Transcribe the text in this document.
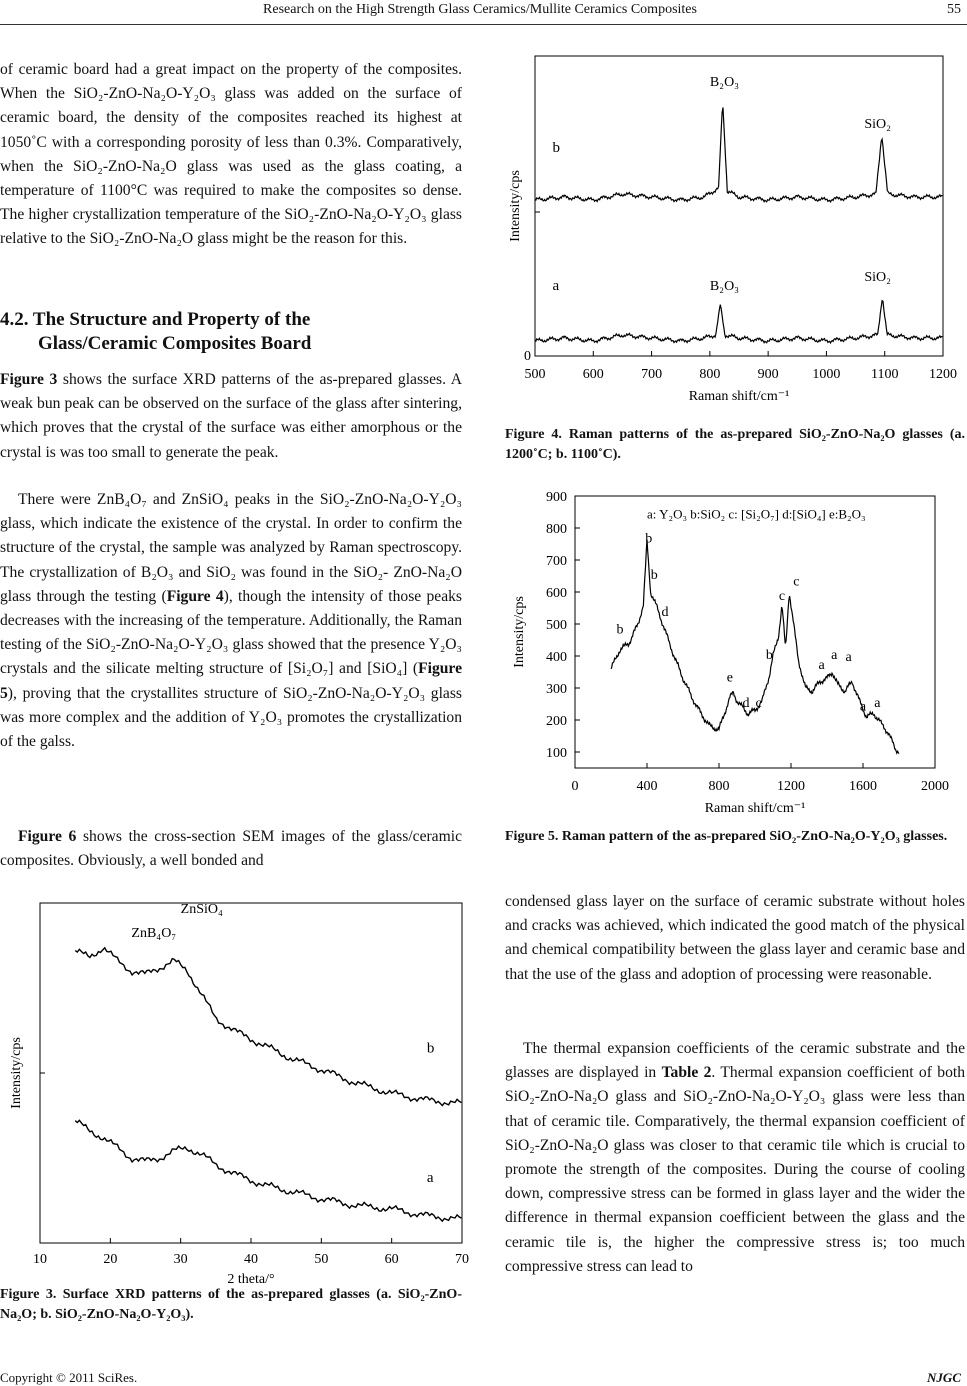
Research on the High Strength Glass Ceramics/Mullite Ceramics Composites	55

of ceramic board had a great impact on the property of the composites. When the SiO₂-ZnO-Na₂O-Y₂O₃ glass was added on the surface of ceramic board, the density of the composites reached its highest at 1050˚C with a corresponding porosity of less than 0.3%. Comparatively, when the SiO₂-ZnO-Na₂O glass was used as the glass coating, a temperature of 1100°C was required to make the composites so dense. The higher crystallization temperature of the SiO₂-ZnO-Na₂O-Y₂O₃ glass relative to the SiO₂-ZnO-Na₂O glass might be the reason for this.

4.2. The Structure and Property of the
Glass/Ceramic Composites Board

Figure 3 shows the surface XRD patterns of the as-prepared glasses. A weak bun peak can be observed on the surface of the glass after sintering, which proves that the crystal of the surface was either amorphous or the crystal is was too small to generate the peak.

There were ZnB₄O₇ and ZnSiO₄ peaks in the SiO₂-ZnO-Na₂O-Y₂O₃ glass, which indicate the existence of the crystal. In order to confirm the structure of the crystal, the sample was analyzed by Raman spectroscopy. The crystallization of B₂O₃ and SiO₂ was found in the SiO₂- ZnO-Na₂O glass through the testing (Figure 4), though the intensity of those peaks decreases with the increasing of the temperature. Additionally, the Raman testing of the SiO₂-ZnO-Na₂O-Y₂O₃ glass showed that the presence Y₂O₃ crystals and the silicate melting structure of [Si₂O₇] and [SiO₄] (Figure 5), proving that the crystallites structure of SiO₂-ZnO-Na₂O-Y₂O₃ glass was more complex and the addition of Y₂O₃ promotes the crystallization of the galss.

Figure 6 shows the cross-section SEM images of the glass/ceramic composites. Obviously, a well bonded and

10	20	30	40	50	60	70
2 theta/°
Intensity/cps	b
a
ZnSiO₄
ZnB₄O₇

Figure 3. Surface XRD patterns of the as-prepared glasses (a. SiO₂-ZnO-Na₂O; b. SiO₂-ZnO-Na₂O-Y₂O₃).

500	600	700	800	900 1000 1100 1200
0
Raman shift/cm⁻¹
Intensity/cps
b
a
B₂O₃
SiO₂
B₂O₃
SiO₂

Figure 4. Raman patterns of the as-prepared SiO₂-ZnO-Na₂O glasses (a. 1200˚C; b. 1100˚C).

0	400	800	1200	1600	2000
100
200
300
400
500
600
700
800
900
Raman shift/cm⁻¹
Intensity/cps
a: Y₂O₃ b:SiO₂ c: [Si₂O₇] d:[SiO₄] e:B₂O₃
b
b
b
d
e
d c
b
c
c
a
a a
a a

Figure 5. Raman pattern of the as-prepared SiO₂-ZnO-Na₂O-Y₂O₃ glasses.

condensed glass layer on the surface of ceramic substrate without holes and cracks was achieved, which indicated the good match of the physical and chemical compatibility between the glass layer and ceramic base and that the use of the glass and adoption of processing were reasonable.

The thermal expansion coefficients of the ceramic substrate and the glasses are displayed in Table 2. Thermal expansion coefficient of both SiO₂-ZnO-Na₂O glass and SiO₂-ZnO-Na₂O-Y₂O₃ glass were less than that of ceramic tile. Comparatively, the thermal expansion coefficient of SiO₂-ZnO-Na₂O glass was closer to that ceramic tile which is crucial to promote the strength of the composites. During the course of cooling down, compressive stress can be formed in glass layer and the wider the difference in thermal expansion coefficient between the glass and the ceramic tile is, the higher the compressive stress is; too much compressive stress can lead to

Copyright © 2011 SciRes.	NJGC
